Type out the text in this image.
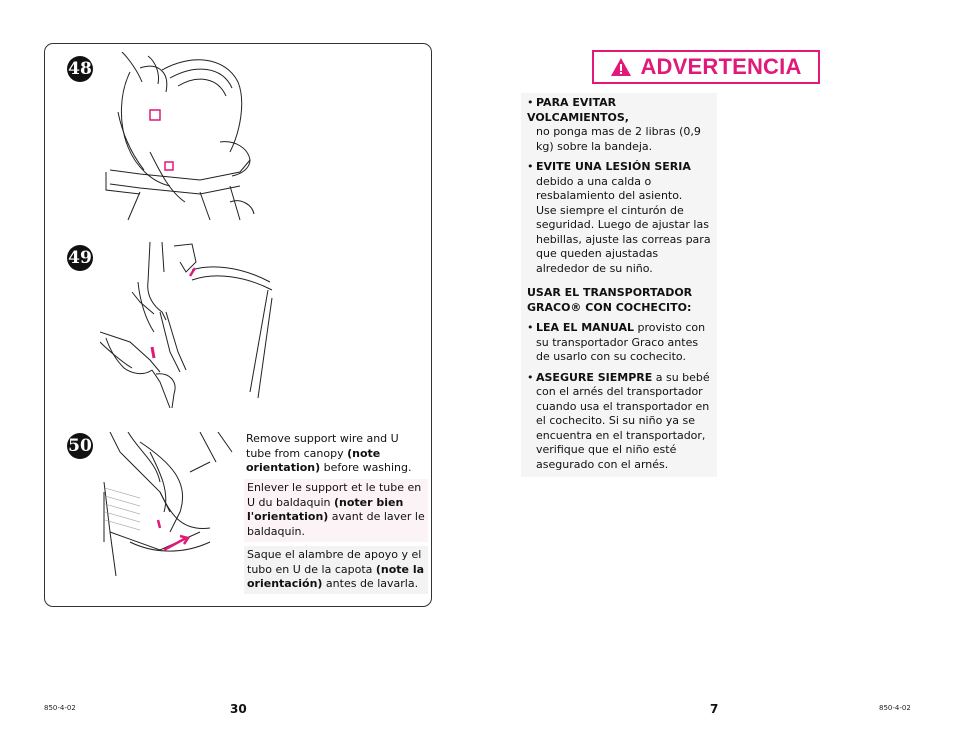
48
49
50	Remove support wire and U tube from canopy (note orientation) before washing.
Enlever le support et le tube en U du baldaquin (noter bien l'orientation) avant de laver le baldaquin.
Saque el alambre de apoyo y el tubo en U de la capota (note la orientación) antes de lavarla.
850-4-02	30
ADVERTENCIA
• PARA EVITAR VOLCAMIENTOS,
no ponga mas de 2 libras (0,9 kg) sobre la bandeja.
• EVITE UNA LESIÓN SERIA
debido a una calda o resbalamiento del asiento.
Use siempre el cinturón de seguridad. Luego de ajustar las hebillas, ajuste las correas para que queden ajustadas alrededor de su niño.
USAR EL TRANSPORTADOR GRACO® CON COCHECITO:
• LEA EL MANUAL provisto con su transportador Graco antes de usarlo con su cochecito.
• ASEGURE SIEMPRE a su bebé con el arnés del transportador cuando usa el transportador en el cochecito. Si su niño ya se encuentra en el transportador, verifique que el niño esté asegurado con el arnés.
7	850-4-02
